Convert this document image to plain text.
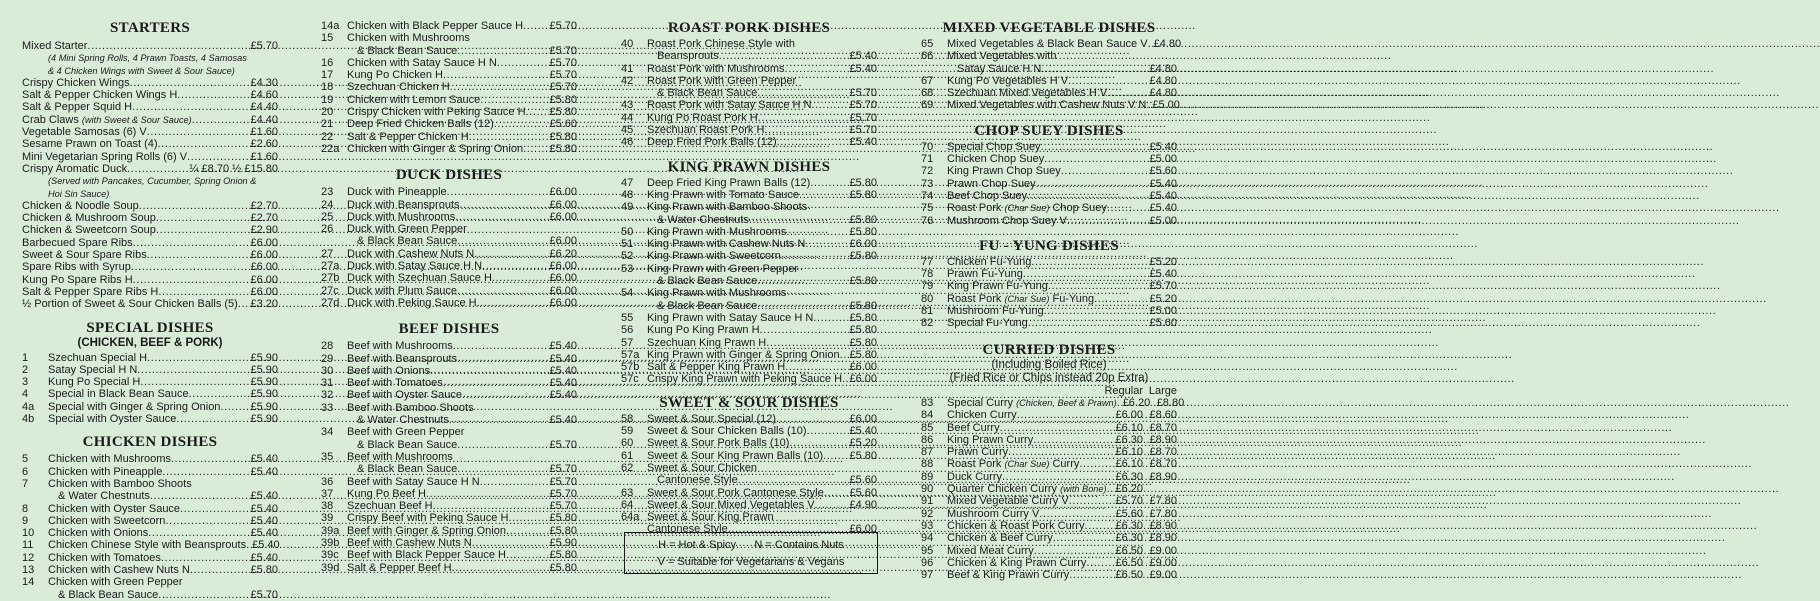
STARTERS
Mixed Starter .....	£5.70
(4 Mini Spring Rolls, 4 Prawn Toasts, 4 Samosas
& 4 Chicken Wings with Sweet & Sour Sauce)
Crispy Chicken Wings .....	£4.30
Salt & Pepper Chicken Wings H .....	£4.60
Salt & Pepper Squid H .....	£4.40
Crab Claws (with Sweet & Sour Sauce) .....	£4.40
Vegetable Samosas (6) V .....	£1.60
Sesame Prawn on Toast (4) .....	£2.60
Mini Vegetarian Spring Rolls (6) V .....	£1.60
Crispy Aromatic Duck .....	¼ £8.70 ½ £15.80
(Served with Pancakes, Cucumber, Spring Onion &
Hoi Sin Sauce)
Chicken & Noodle Soup .....	£2.70
Chicken & Mushroom Soup .....	£2.70
Chicken & Sweetcorn Soup .....	£2.90
Barbecued Spare Ribs .....	£6.00
Sweet & Sour Spare Ribs .....	£6.00
Spare Ribs with Syrup .....	£6.00
Kung Po Spare Ribs H .....	£6.00
Salt & Pepper Spare Ribs H .....	£6.00
½ Portion of Sweet & Sour Chicken Balls (5) ..... £3.20
SPECIAL DISHES

(CHICKEN, BEEF & PORK)

1	Szechuan Special H .....	£5.90
2	Satay Special H N .....	£5.90
3	Kung Po Special H .....	£5.90
4	Special in Black Bean Sauce .....	£5.90
4a	Special with Ginger & Spring Onion .....	£5.90
4b	Special with Oyster Sauce .....	£5.90
CHICKEN DISHES
5	Chicken with Mushrooms .....	£5.40
6	Chicken with Pineapple .....	£5.40
7	Chicken with Bamboo Shoots
& Water Chestnuts .....	£5.40
8	Chicken with Oyster Sauce .....	£5.40
9	Chicken with Sweetcorn .....	£5.40
10	Chicken with Onions .....	£5.40
11	Chicken Chinese Style with Beansprouts ..... £5.40
12	Chicken with Tomatoes .....	£5.40
13	Chicken with Cashew Nuts N .....	£5.80
14	Chicken with Green Pepper
& Black Bean Sauce .....	£5.70
14a Chicken with Black Pepper Sauce H ..... £5.70
15	Chicken with Mushrooms
& Black Bean Sauce .....	£5.70
16	Chicken with Satay Sauce H N .....	£5.70
17	Kung Po Chicken H .....	£5.70
18	Szechuan Chicken H .....	£5.70
19	Chicken with Lemon Sauce .....	£5.80
20	Crispy Chicken with Peking Sauce H ..... £5.80
21	Deep Fried Chicken Balls (12) .....	£5.60
22	Salt & Pepper Chicken H .....	£5.80
22a Chicken with Ginger & Spring Onion ..... £5.80
DUCK DISHES
23	Duck with Pineapple .....	£6.00
24	Duck with Beansprouts .....	£6.00
25	Duck with Mushrooms .....	£6.00
26	Duck with Green Pepper
& Black Bean Sauce .....	£6.00
27	Duck with Cashew Nuts N .....	£6.20
27a Duck with Satay Sauce H N .....	£6.00
27b Duck with Szechuan Sauce H .....	£6.00
27c Duck with Plum Sauce .....	£6.00
27d Duck with Peking Sauce H .....	£6.00
BEEF DISHES
28	Beef with Mushrooms .....	£5.40
29	Beef with Beansprouts .....	£5.40
30	Beef with Onions .....	£5.40
31	Beef with Tomatoes .....	£5.40
32	Beef with Oyster Sauce .....	£5.40
33	Beef with Bamboo Shoots
& Water Chestnuts .....	£5.40
34	Beef with Green Pepper
& Black Bean Sauce .....	£5.70
35	Beef with Mushrooms
& Black Bean Sauce .....	£5.70
36	Beef with Satay Sauce H N .....	£5.70
37	Kung Po Beef H .....	£5.70
38	Szechuan Beef H .....	£5.70
39	Crispy Beef with Peking Sauce H .....	£5.80
39a Beef with Ginger & Spring Onion .....	£5.80
39b Beef with Cashew Nuts N .....	£5.90
39c Beef with Black Pepper Sauce H .....	£5.80
39d Salt & Pepper Beef H .....	£5.80
ROAST PORK DISHES
40	Roast Pork Chinese Style with
Beansprouts .....	£5.40
41	Roast Pork with Mushrooms .....	£5.40
42	Roast Pork with Green Pepper
& Black Bean Sauce .....	£5.70
43	Roast Pork with Satay Sauce H N .....	£5.70
44	Kung Po Roast Pork H .....	£5.70
45	Szechuan Roast Pork H .....	£5.70
46	Deep Fried Pork Balls (12) .....	£5.40
KING PRAWN DISHES
47	Deep Fried King Prawn Balls (12) .....	£5.80
48	King Prawn with Tomato Sauce .....	£5.80
49	King Prawn with Bamboo Shoots
& Water Chestnuts .....	£5.80
50	King Prawn with Mushrooms .....	£5.80
51	King Prawn with Cashew Nuts N .....	£6.00
52	King Prawn with Sweetcorn .....	£5.80
53	King Prawn with Green Pepper
& Black Bean Sauce .....	£5.80
54	King Prawn with Mushrooms
& Black Bean Sauce .....	£5.80
55	King Prawn with Satay Sauce H N .....	£5.80
56	Kung Po King Prawn H .....	£5.80
57	Szechuan King Prawn H .....	£5.80
57a King Prawn with Ginger & Spring Onion ..... £5.80
57b Salt & Pepper King Prawn H .....	£6.00
57c Crispy King Prawn with Peking Sauce H ..... £6.00
SWEET & SOUR DISHES
58	Sweet & Sour Special (12) .....	£6.00
59	Sweet & Sour Chicken Balls (10) .....	£5.40
60	Sweet & Sour Pork Balls (10) .....	£5.20
61	Sweet & Sour King Prawn Balls (10) ..... £5.80
62	Sweet & Sour Chicken
Cantonese Style .....	£5.60
63	Sweet & Sour Pork Cantonese Style ..... £5.60
64	Sweet & Sour Mixed Vegetables V .....	£4.90
64a Sweet & Sour King Prawn
Cantonese Style .....	£6.00
H = Hot & Spicy      N = Contains Nuts
V = Suitable for Vegetarians & Vegans
MIXED VEGETABLE DISHES
65	Mixed Vegetables & Black Bean Sauce V ..... £4.80
66	Mixed Vegetables with
Satay Sauce H N .....	£4.80
67	Kung Po Vegetables H V .....	£4.80
68	Szechuan Mixed Vegetables H V .....	£4.80
69	Mixed Vegetables with Cashew Nuts V N ..... £5.00
CHOP SUEY DISHES
70	Special Chop Suey .....	£5.40
71	Chicken Chop Suey .....	£5.00
72	King Prawn Chop Suey .....	£5.60
73	Prawn Chop Suey .....	£5.40
74	Beef Chop Suey .....	£5.40
75	Roast Pork (Char Sue) Chop Suey .....	£5.40
76	Mushroom Chop Suey V .....	£5.00
FU - YUNG DISHES
77	Chicken Fu-Yung .....	£5.20
78	Prawn Fu-Yung .....	£5.40
79	King Prawn Fu-Yung .....	£5.70
80	Roast Pork (Char Sue) Fu-Yung .....	£5.20
81	Mushroom Fu-Yung .....	£5.00
82	Special Fu-Yung .....	£5.60
CURRIED DISHES

(Including Boiled Rice)

(Fried Rice or Chips instead 20p Extra)

Regular Large
83	Special Curry (Chicken, Beef & Prawn) ..... £6.20 £8.80
84	Chicken Curry .....	£6.00 £8.60
85	Beef Curry .....	£6.10 £8.70
86	King Prawn Curry .....	£6.30 £8.90
87	Prawn Curry .....	£6.10 £8.70
88	Roast Pork (Char Sue) Curry .....	£6.10 £8.70
89	Duck Curry .....	£6.30 £8.90
90	Quarter Chicken Curry (with Bone) ..... £6.20
91	Mixed Vegetable Curry V .....	£5.70 £7.80
92	Mushroom Curry V .....	£5.60 £7.80
93	Chicken & Roast Pork Curry .....	£6.30 £8.90
94	Chicken & Beef Curry .....	£6.30 £8.90
95	Mixed Meat Curry .....	£6.50 £9.00
96	Chicken & King Prawn Curry .....	£6.50 £9.00
97	Beef & King Prawn Curry .....	£6.50 £9.00
